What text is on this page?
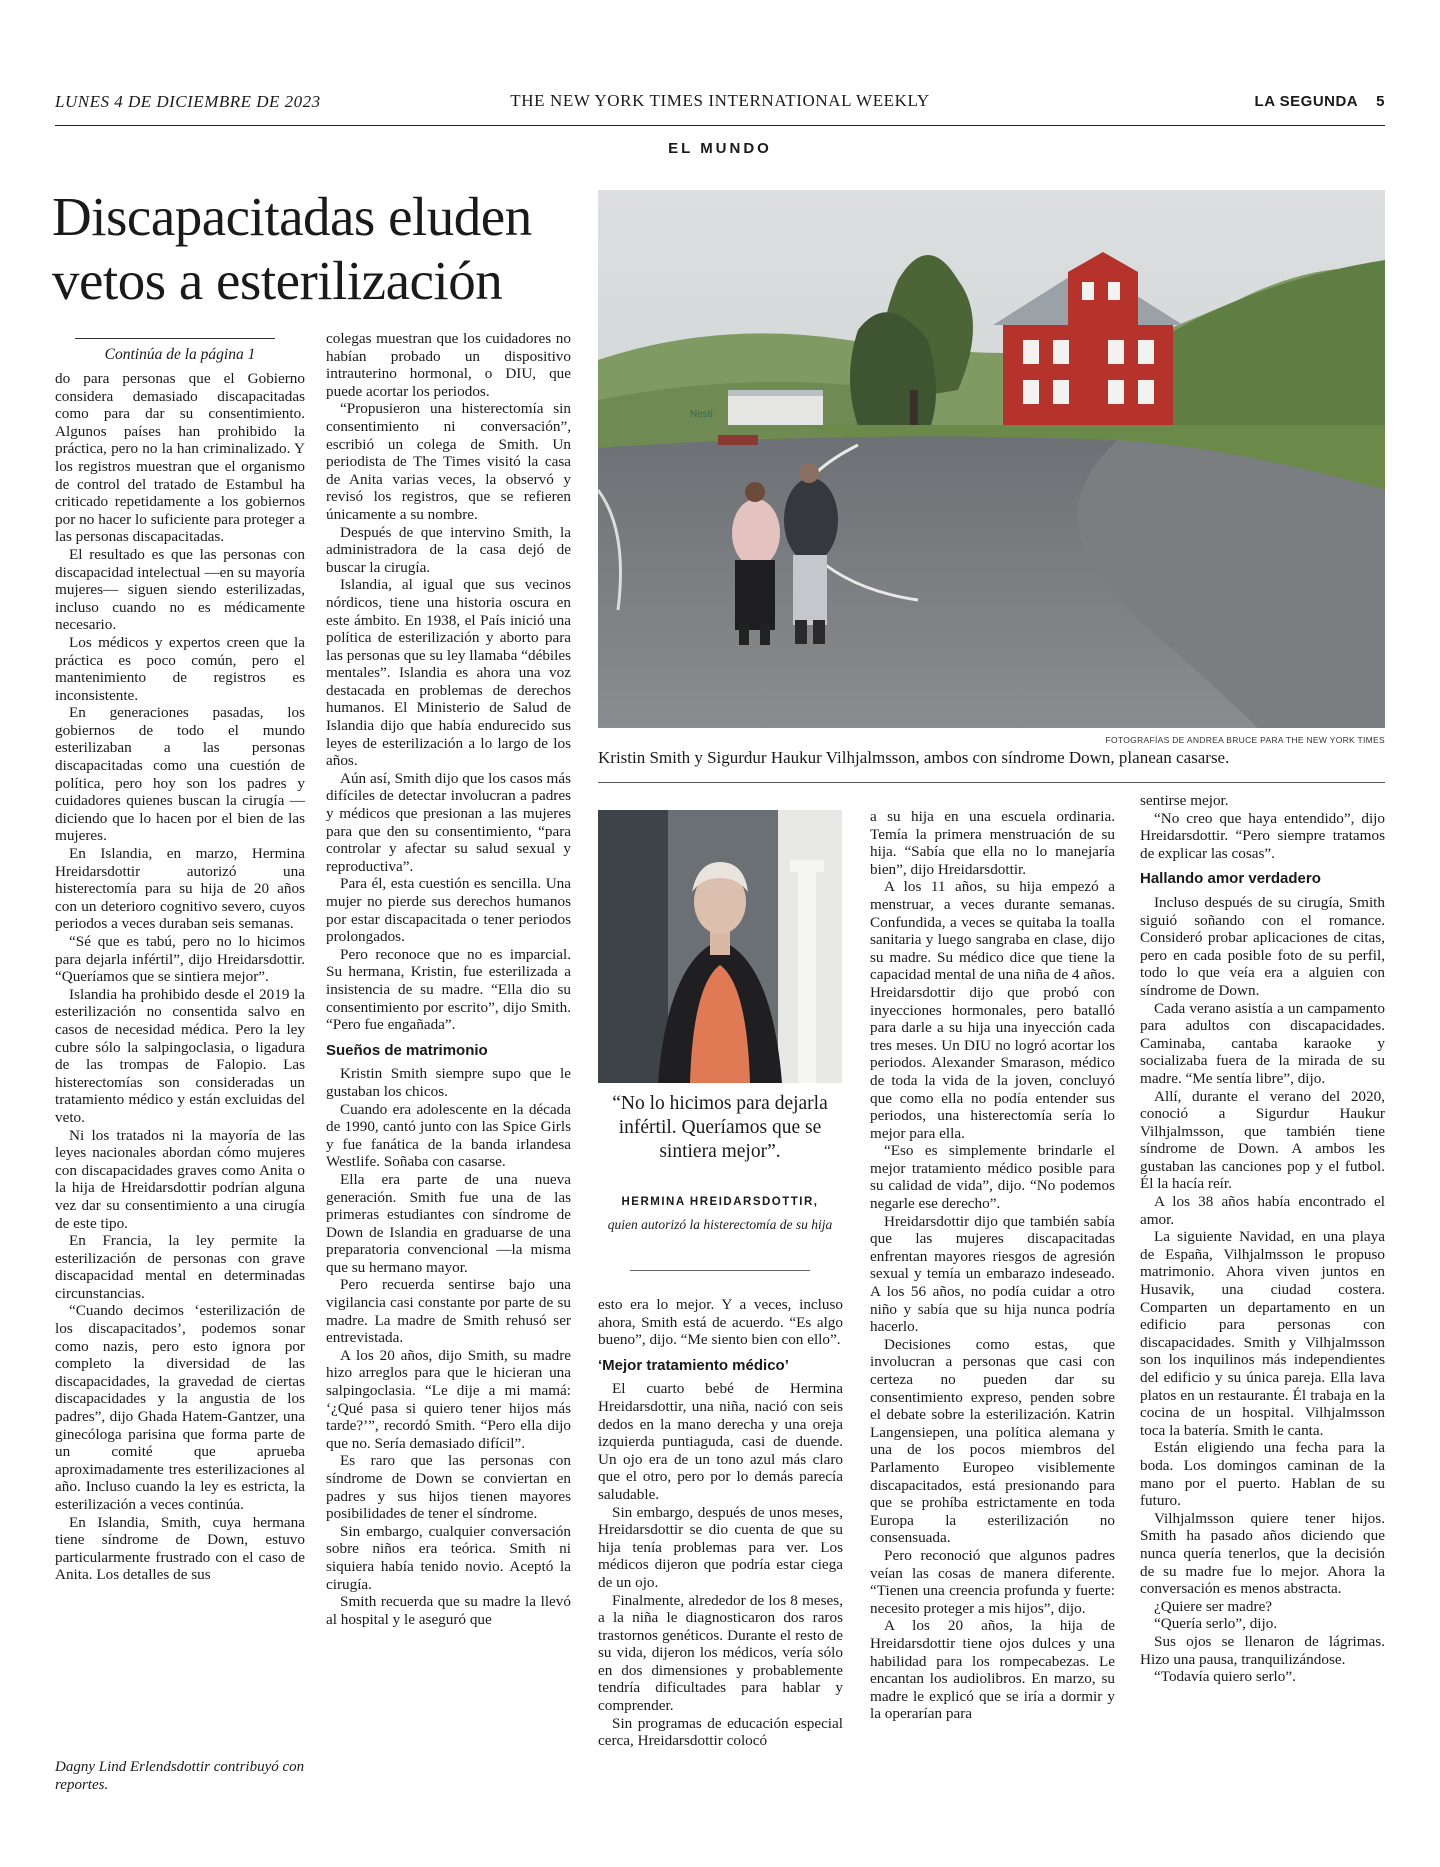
LUNES 4 DE DICIEMBRE DE 2023	THE NEW YORK TIMES INTERNATIONAL WEEKLY	LA SEGUNDA 5
EL MUNDO
Discapacitadas eluden vetos a esterilización
Continúa de la página 1

do para personas que el Gobierno considera demasiado discapacitadas como para dar su consentimiento. Algunos países han prohibido la práctica, pero no la han criminalizado. Y los registros muestran que el organismo de control del tratado de Estambul ha criticado repetidamente a los gobiernos por no hacer lo suficiente para proteger a las personas discapacitadas.

El resultado es que las personas con discapacidad intelectual —en su mayoría mujeres— siguen siendo esterilizadas, incluso cuando no es médicamente necesario.

Los médicos y expertos creen que la práctica es poco común, pero el mantenimiento de registros es inconsistente.

En generaciones pasadas, los gobiernos de todo el mundo esterilizaban a las personas discapacitadas como una cuestión de política, pero hoy son los padres y cuidadores quienes buscan la cirugía —diciendo que lo hacen por el bien de las mujeres.

En Islandia, en marzo, Hermina Hreidarsdottir autorizó una histerectomía para su hija de 20 años con un deterioro cognitivo severo, cuyos periodos a veces duraban seis semanas.

“Sé que es tabú, pero no lo hicimos para dejarla infértil”, dijo Hreidarsdottir. “Queríamos que se sintiera mejor”.

Islandia ha prohibido desde el 2019 la esterilización no consentida salvo en casos de necesidad médica. Pero la ley cubre sólo la salpingoclasia, o ligadura de las trompas de Falopio. Las histerectomías son consideradas un tratamiento médico y están excluidas del veto.

Ni los tratados ni la mayoría de las leyes nacionales abordan cómo mujeres con discapacidades graves como Anita o la hija de Hreidarsdottir podrían alguna vez dar su consentimiento a una cirugía de este tipo.

En Francia, la ley permite la esterilización de personas con grave discapacidad mental en determinadas circunstancias.

“Cuando decimos ‘esterilización de los discapacitados’, podemos sonar como nazis, pero esto ignora por completo la diversidad de las discapacidades, la gravedad de ciertas discapacidades y la angustia de los padres”, dijo Ghada Hatem-Gantzer, una ginecóloga parisina que forma parte de un comité que aprueba aproximadamente tres esterilizaciones al año. Incluso cuando la ley es estricta, la esterilización a veces continúa.

En Islandia, Smith, cuya hermana tiene síndrome de Down, estuvo particularmente frustrado con el caso de Anita. Los detalles de sus

Dagny Lind Erlendsdottir contribuyó con reportes.

colegas muestran que los cuidadores no habían probado un dispositivo intrauterino hormonal, o DIU, que puede acortar los periodos.

“Propusieron una histerectomía sin consentimiento ni conversación”, escribió un colega de Smith. Un periodista de The Times visitó la casa de Anita varias veces, la observó y revisó los registros, que se refieren únicamente a su nombre.

Después de que intervino Smith, la administradora de la casa dejó de buscar la cirugía.

Islandia, al igual que sus vecinos nórdicos, tiene una historia oscura en este ámbito. En 1938, el País inició una política de esterilización y aborto para las personas que su ley llamaba “débiles mentales”. Islandia es ahora una voz destacada en problemas de derechos humanos. El Ministerio de Salud de Islandia dijo que había endurecido sus leyes de esterilización a lo largo de los años.

Aún así, Smith dijo que los casos más difíciles de detectar involucran a padres y médicos que presionan a las mujeres para que den su consentimiento, “para controlar y afectar su salud sexual y reproductiva”.

Para él, esta cuestión es sencilla. Una mujer no pierde sus derechos humanos por estar discapacitada o tener periodos prolongados.

Pero reconoce que no es imparcial. Su hermana, Kristin, fue esterilizada a insistencia de su madre. “Ella dio su consentimiento por escrito”, dijo Smith. “Pero fue engañada”.

Sueños de matrimonio

Kristin Smith siempre supo que le gustaban los chicos.

Cuando era adolescente en la década de 1990, cantó junto con las Spice Girls y fue fanática de la banda irlandesa Westlife. Soñaba con casarse.

Ella era parte de una nueva generación. Smith fue una de las primeras estudiantes con síndrome de Down de Islandia en graduarse de una preparatoria convencional —la misma que su hermano mayor.

Pero recuerda sentirse bajo una vigilancia casi constante por parte de su madre. La madre de Smith rehusó ser entrevistada.

A los 20 años, dijo Smith, su madre hizo arreglos para que le hicieran una salpingoclasia. “Le dije a mi mamá: ‘¿Qué pasa si quiero tener hijos más tarde?’”, recordó Smith. “Pero ella dijo que no. Sería demasiado difícil”.

Es raro que las personas con síndrome de Down se conviertan en padres y sus hijos tienen mayores posibilidades de tener el síndrome.

Sin embargo, cualquier conversación sobre niños era teórica. Smith ni siquiera había tenido novio. Aceptó la cirugía.

Smith recuerda que su madre la llevó al hospital y le aseguró que

Nesti
FOTOGRAFÍAS DE ANDREA BRUCE PARA THE NEW YORK TIMES
Kristin Smith y Sigurdur Haukur Vilhjalmsson, ambos con síndrome Down, planean casarse.
“No lo hicimos para dejarla infértil. Queríamos que se sintiera mejor”.
HERMINA HREIDARSDOTTIR,
quien autorizó la histerectomía de su hija

esto era lo mejor. Y a veces, incluso ahora, Smith está de acuerdo. “Es algo bueno”, dijo. “Me siento bien con ello”.

‘Mejor tratamiento médico’

El cuarto bebé de Hermina Hreidarsdottir, una niña, nació con seis dedos en la mano derecha y una oreja izquierda puntiaguda, casi de duende. Un ojo era de un tono azul más claro que el otro, pero por lo demás parecía saludable.

Sin embargo, después de unos meses, Hreidarsdottir se dio cuenta de que su hija tenía problemas para ver. Los médicos dijeron que podría estar ciega de un ojo.

Finalmente, alrededor de los 8 meses, a la niña le diagnosticaron dos raros trastornos genéticos. Durante el resto de su vida, dijeron los médicos, vería sólo en dos dimensiones y probablemente tendría dificultades para hablar y comprender.

Sin programas de educación especial cerca, Hreidarsdottir colocó

a su hija en una escuela ordinaria. Temía la primera menstruación de su hija. “Sabía que ella no lo manejaría bien”, dijo Hreidarsdottir.

A los 11 años, su hija empezó a menstruar, a veces durante semanas. Confundida, a veces se quitaba la toalla sanitaria y luego sangraba en clase, dijo su madre. Su médico dice que tiene la capacidad mental de una niña de 4 años. Hreidarsdottir dijo que probó con inyecciones hormonales, pero batalló para darle a su hija una inyección cada tres meses. Un DIU no logró acortar los periodos. Alexander Smarason, médico de toda la vida de la joven, concluyó que como ella no podía entender sus periodos, una histerectomía sería lo mejor para ella.

“Eso es simplemente brindarle el mejor tratamiento médico posible para su calidad de vida”, dijo. “No podemos negarle ese derecho”.

Hreidarsdottir dijo que también sabía que las mujeres discapacitadas enfrentan mayores riesgos de agresión sexual y temía un embarazo indeseado. A los 56 años, no podía cuidar a otro niño y sabía que su hija nunca podría hacerlo.

Decisiones como estas, que involucran a personas que casi con certeza no pueden dar su consentimiento expreso, penden sobre el debate sobre la esterilización. Katrin Langensiepen, una política alemana y una de los pocos miembros del Parlamento Europeo visiblemente discapacitados, está presionando para que se prohíba estrictamente en toda Europa la esterilización no consensuada.

Pero reconoció que algunos padres veían las cosas de manera diferente. “Tienen una creencia profunda y fuerte: necesito proteger a mis hijos”, dijo.

A los 20 años, la hija de Hreidarsdottir tiene ojos dulces y una habilidad para los rompecabezas. Le encantan los audiolibros. En marzo, su madre le explicó que se iría a dormir y la operarían para

sentirse mejor.

“No creo que haya entendido”, dijo Hreidarsdottir. “Pero siempre tratamos de explicar las cosas”.

Hallando amor verdadero

Incluso después de su cirugía, Smith siguió soñando con el romance. Consideró probar aplicaciones de citas, pero en cada posible foto de su perfil, todo lo que veía era a alguien con síndrome de Down.

Cada verano asistía a un campamento para adultos con discapacidades. Caminaba, cantaba karaoke y socializaba fuera de la mirada de su madre. “Me sentía libre”, dijo.

Allí, durante el verano del 2020, conoció a Sigurdur Haukur Vilhjalmsson, que también tiene síndrome de Down. A ambos les gustaban las canciones pop y el futbol. Él la hacía reír.

A los 38 años había encontrado el amor.

La siguiente Navidad, en una playa de España, Vilhjalmsson le propuso matrimonio. Ahora viven juntos en Husavik, una ciudad costera. Comparten un departamento en un edificio para personas con discapacidades. Smith y Vilhjalmsson son los inquilinos más independientes del edificio y su única pareja. Ella lava platos en un restaurante. Él trabaja en la cocina de un hospital. Vilhjalmsson toca la batería. Smith le canta.

Están eligiendo una fecha para la boda. Los domingos caminan de la mano por el puerto. Hablan de su futuro.

Vilhjalmsson quiere tener hijos. Smith ha pasado años diciendo que nunca quería tenerlos, que la decisión de su madre fue lo mejor. Ahora la conversación es menos abstracta.

¿Quiere ser madre?

“Quería serlo”, dijo.

Sus ojos se llenaron de lágrimas. Hizo una pausa, tranquilizándose.

“Todavía quiero serlo”.
